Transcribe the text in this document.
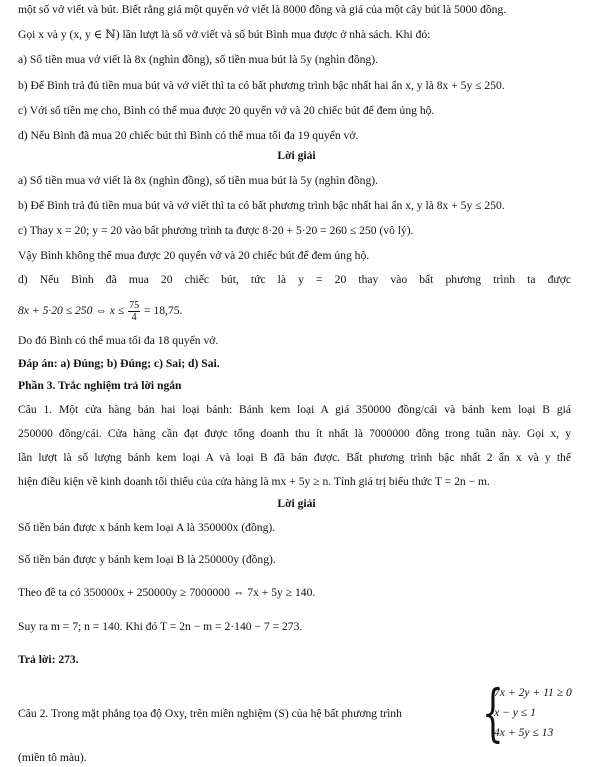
một số vở viết và bút. Biết rằng giá một quyển vở viết là 8000 đồng và giá của một cây bút là 5000 đồng.
Gọi x và y (x, y ∈ ℕ) lần lượt là số vở viết và số bút Bình mua được ở nhà sách. Khi đó:
a) Số tiền mua vở viết là 8x (nghìn đồng), số tiền mua bút là 5y (nghìn đồng).
b) Để Bình trả đủ tiền mua bút và vở viết thì ta có bất phương trình bậc nhất hai ẩn x, y là 8x + 5y ≤ 250.
c) Với số tiền mẹ cho, Bình có thể mua được 20 quyển vở và 20 chiếc bút để đem ủng hộ.
d) Nếu Bình đã mua 20 chiếc bút thì Bình có thể mua tối đa 19 quyển vở.
Lời giải
a) Số tiền mua vở viết là 8x (nghìn đồng), số tiền mua bút là 5y (nghìn đồng).
b) Để Bình trả đủ tiền mua bút và vở viết thì ta có bất phương trình bậc nhất hai ẩn x, y là 8x + 5y ≤ 250.
c) Thay x = 20; y = 20 vào bất phương trình ta được 8·20 + 5·20 = 260 ≤ 250 (vô lý).
Vậy Bình không thể mua được 20 quyển vở và 20 chiếc bút để đem ủng hộ.
d) Nếu Bình đã mua 20 chiếc bút, tức là y = 20 thay vào bất phương trình ta được
8x + 5·20 ≤ 250 ⇔ $x \le \frac{75}{4} = 18,75$.
Do đó Bình có thể mua tối đa 18 quyển vở.
Đáp án: a) Đúng; b) Đúng; c) Sai; d) Sai.
Phần 3. Trắc nghiệm trả lời ngắn
Câu 1. Một cửa hàng bán hai loại bánh: Bánh kem loại A giá 350000 đồng/cái và bánh kem loại B giá
250000 đồng/cái. Cửa hàng cần đạt được tổng doanh thu ít nhất là 7000000 đồng trong tuần này. Gọi x, y
lần lượt là số lượng bánh kem loại A và loại B đã bán được. Bất phương trình bậc nhất 2 ẩn x và y thể
hiện điều kiện về kinh doanh tối thiểu của cửa hàng là mx + 5y ≥ n. Tính giá trị biểu thức T = 2n − m.
Lời giải
Số tiền bán được x bánh kem loại A là 350000x (đồng).
Số tiền bán được y bánh kem loại B là 250000y (đồng).
Theo đề ta có 350000x + 250000y ≥ 7000000 ⇔ 7x + 5y ≥ 140.
Suy ra m = 7; n = 140. Khi đó T = 2n − m = 2·140 − 7 = 273.
Trả lời: 273.
Câu 2. Trong mặt phẳng tọa độ Oxy, trên miền nghiệm (S) của hệ bất phương trình {
7x + 2y + 11 ≥ 0
x − y ≤ 1
4x + 5y ≤ 13
(miền tô màu).
